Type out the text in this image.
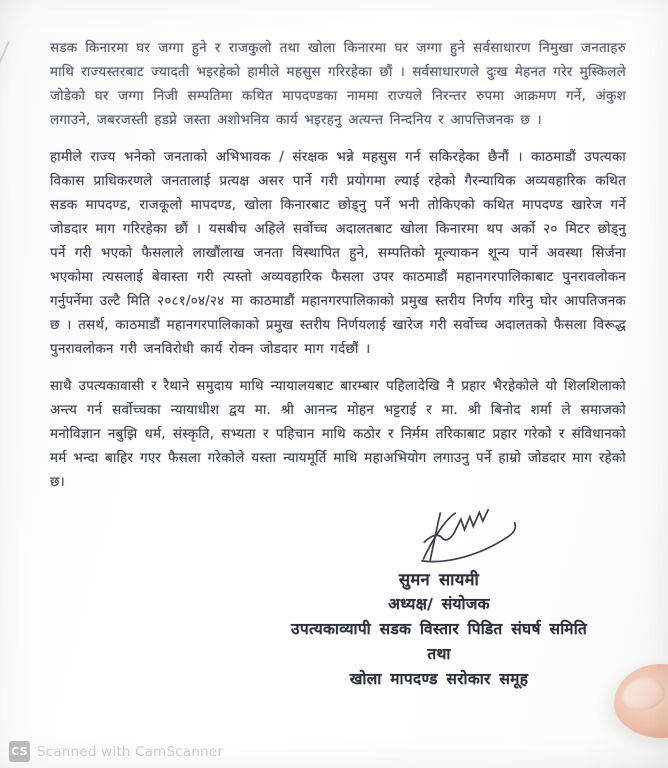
सडक किनारमा घर जग्गा हुने र राजकुलो तथा खोला किनारमा घर जग्गा हुने सर्वसाधारण निमुखा जनताहरु माथि राज्यस्तरबाट ज्यादती भइरहेको हामीले महसुस गरिरहेका छौं । सर्वसाधारणले दुःख मेहनत गरेर मुस्किलले जोडेको घर जग्गा निजी सम्पतिमा कथित मापदण्डका नाममा राज्यले निरन्तर रुपमा आक्रमण गर्ने, अंकुश लगाउने, जबरजस्ती हडप्ने जस्ता अशोभनिय कार्य भइरहनु अत्यन्त निन्दनिय र आपत्तिजनक छ ।

हामीले राज्य भनेको जनताको अभिभावक / संरक्षक भन्ने महसुस गर्न सकिरहेका छैनौं । काठमाडौं उपत्यका विकास प्राधिकरणले जनतालाई प्रत्यक्ष असर पार्ने गरी प्रयोगमा ल्याई रहेको गैरन्यायिक अव्यवहारिक कथित सडक मापदण्ड, राजकूलो मापदण्ड, खोला किनारबाट छोड्नु पर्ने भनी तोकिएको कथित मापदण्ड खारेज गर्ने जोडदार माग गरिरहेका छौं । यसबीच अहिले सर्वोच्च अदालतबाट खोला किनारमा थप अर्को २० मिटर छोड्नु पर्ने गरी भएको फैसलाले लाखौंलाख जनता विस्थापित हुने, सम्पतिको मूल्याकन शून्य पार्ने अवस्था सिर्जना भएकोमा त्यसलाई बेवास्ता गरी त्यस्तो अव्यवहारिक फैसला उपर काठमाडौं महानगरपालिकाबाट पुनरावलोकन गर्नुपर्नेमा उल्टै मिति २०८१/०४/२४ मा काठमाडौं महानगरपालिकाको प्रमुख स्तरीय निर्णय गरिनु घोर आपतिजनक छ । तसर्थ, काठमाडौं महानगरपालिकाको प्रमुख स्तरीय निर्णयलाई खारेज गरी सर्वोच्च अदालतको फैसला विरूद्ध पुनरावलोकन गरी जनविरोधी कार्य रोक्न जोडदार माग गर्दछौं ।

साथै उपत्यकावासी र रैथाने समुदाय माथि न्यायालयबाट बारम्बार पहिलादेखि नै प्रहार भैरहेकोले यो शिलशिलाको अन्त्य गर्न सर्वोच्चका न्यायाधीश द्वय मा. श्री आनन्द मोहन भट्टराई र मा. श्री बिनोद शर्मा ले समाजको मनोविज्ञान नबुझि धर्म, संस्कृति, सभ्यता र पहिचान माथि कठोर र निर्मम तरिकाबाट प्रहार गरेको र संविधानको मर्म भन्दा बाहिर गएर फैसला गरेकोले यस्ता न्यायमूर्ति माथि महाअभियोग लगाउनु पर्ने हाम्रो जोडदार माग रहेको छ।

सुमन सायमी
अध्यक्ष/ संयोजक
उपत्यकाव्यापी सडक विस्तार पिडित संघर्ष समिति
तथा
खोला मापदण्ड सरोकार समूह
CS Scanned with CamScanner
